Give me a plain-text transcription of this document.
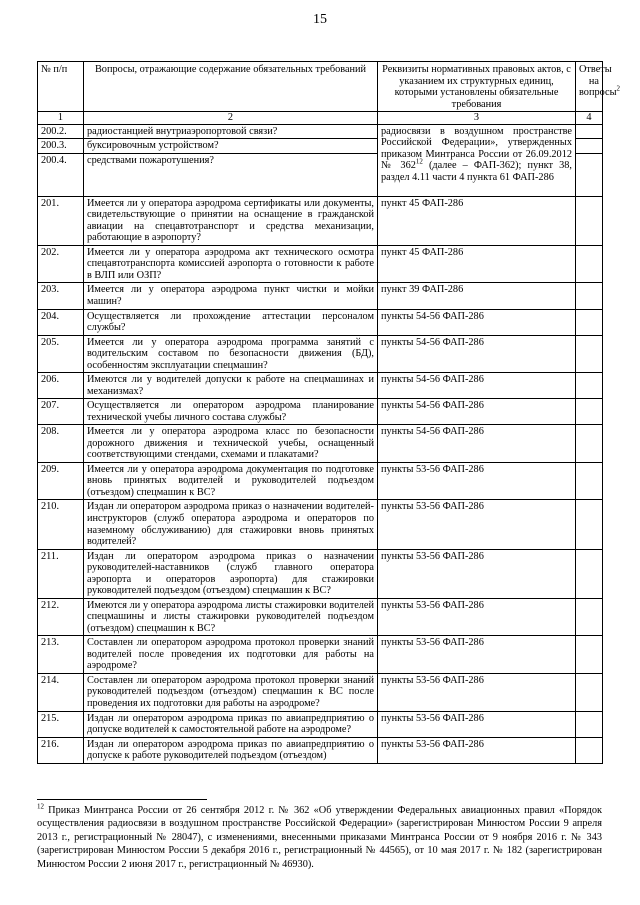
15
№ п/п	Вопросы, отражающие содержание обязательных требований	Реквизиты нормативных правовых актов, с указанием их структурных единиц, которыми установлены обязательные требования	Ответы на вопросы$^2$
1	2	3	4
200.2.	радиостанцией внутриаэропортовой связи?	радиосвязи в воздушном пространстве Российской Федерации», утвержденных приказом Минтранса России от 26.09.2012 № $362^{12}$ (далее – ФАП-362); пункт 38, раздел 4.11 части 4 пункта 61 ФАП-286	
200.3.	буксировочным устройством?		
200.4.	средствами пожаротушения?		
201.	Имеется ли у оператора аэродрома сертификаты или документы, свидетельствующие о принятии на оснащение в гражданской авиации на спецавтотранспорт и средства механизации, работающие в аэропорту?	пункт 45 ФАП-286	
202.	Имеется ли у оператора аэродрома акт технического осмотра спецавтотранспорта комиссией аэропорта о готовности к работе в ВЛП или ОЗП?	пункт 45 ФАП-286	
203.	Имеется ли у оператора аэродрома пункт чистки и мойки машин?	пункт 39 ФАП-286	
204.	Осуществляется ли прохождение аттестации персоналом службы?	пункты 54-56 ФАП-286	
205.	Имеется ли у оператора аэродрома программа занятий с водительским составом по безопасности движения (БД), особенностям эксплуатации спецмашин?	пункты 54-56 ФАП-286	
206.	Имеются ли у водителей допуски к работе на спецмашинах и механизмах?	пункты 54-56 ФАП-286	
207.	Осуществляется ли оператором аэродрома планирование технической учебы личного состава службы?	пункты 54-56 ФАП-286	
208.	Имеется ли у оператора аэродрома класс по безопасности дорожного движения и технической учебы, оснащенный соответствующими стендами, схемами и плакатами?	пункты 54-56 ФАП-286	
209.	Имеется ли у оператора аэродрома документация по подготовке вновь принятых водителей и руководителей подъездом (отъездом) спецмашин к ВС?	пункты 53-56 ФАП-286	
210.	Издан ли оператором аэродрома приказ о назначении водителей-инструкторов (служб оператора аэродрома и операторов по наземному обслуживанию) для стажировки вновь принятых водителей?	пункты 53-56 ФАП-286	
211.	Издан ли оператором аэродрома приказ о назначении руководителей-наставников (служб главного оператора аэропорта и операторов аэропорта) для стажировки руководителей подъездом (отъездом) спецмашин к ВС?	пункты 53-56 ФАП-286	
212.	Имеются ли у оператора аэродрома листы стажировки водителей спецмашины и листы стажировки руководителей подъездом (отъездом) спецмашин к ВС?	пункты 53-56 ФАП-286	
213.	Составлен ли оператором аэродрома протокол проверки знаний водителей после проведения их подготовки для работы на аэродроме?	пункты 53-56 ФАП-286	
214.	Составлен ли оператором аэродрома протокол проверки знаний руководителей подъездом (отъездом) спецмашин к ВС после проведения их подготовки для работы на аэродроме?	пункты 53-56 ФАП-286	
215.	Издан ли оператором аэродрома приказ по авиапредприятию о допуске водителей к самостоятельной работе на аэродроме?	пункты 53-56 ФАП-286	
216.	Издан ли оператором аэродрома приказ по авиапредприятию о допуске к работе руководителей подъездом (отъездом)	пункты 53-56 ФАП-286	
$^{12}$ Приказ Минтранса России от 26 сентября 2012 г. № 362 «Об утверждении Федеральных авиационных правил «Порядок осуществления радиосвязи в воздушном пространстве Российской Федерации» (зарегистрирован Минюстом России 9 апреля 2013 г., регистрационный № 28047), с изменениями, внесенными приказами Минтранса России от 9 ноября 2016 г. № 343 (зарегистрирован Минюстом России 5 декабря 2016 г., регистрационный № 44565), от 10 мая 2017 г. № 182 (зарегистрирован Минюстом России 2 июня 2017 г., регистрационный № 46930).
